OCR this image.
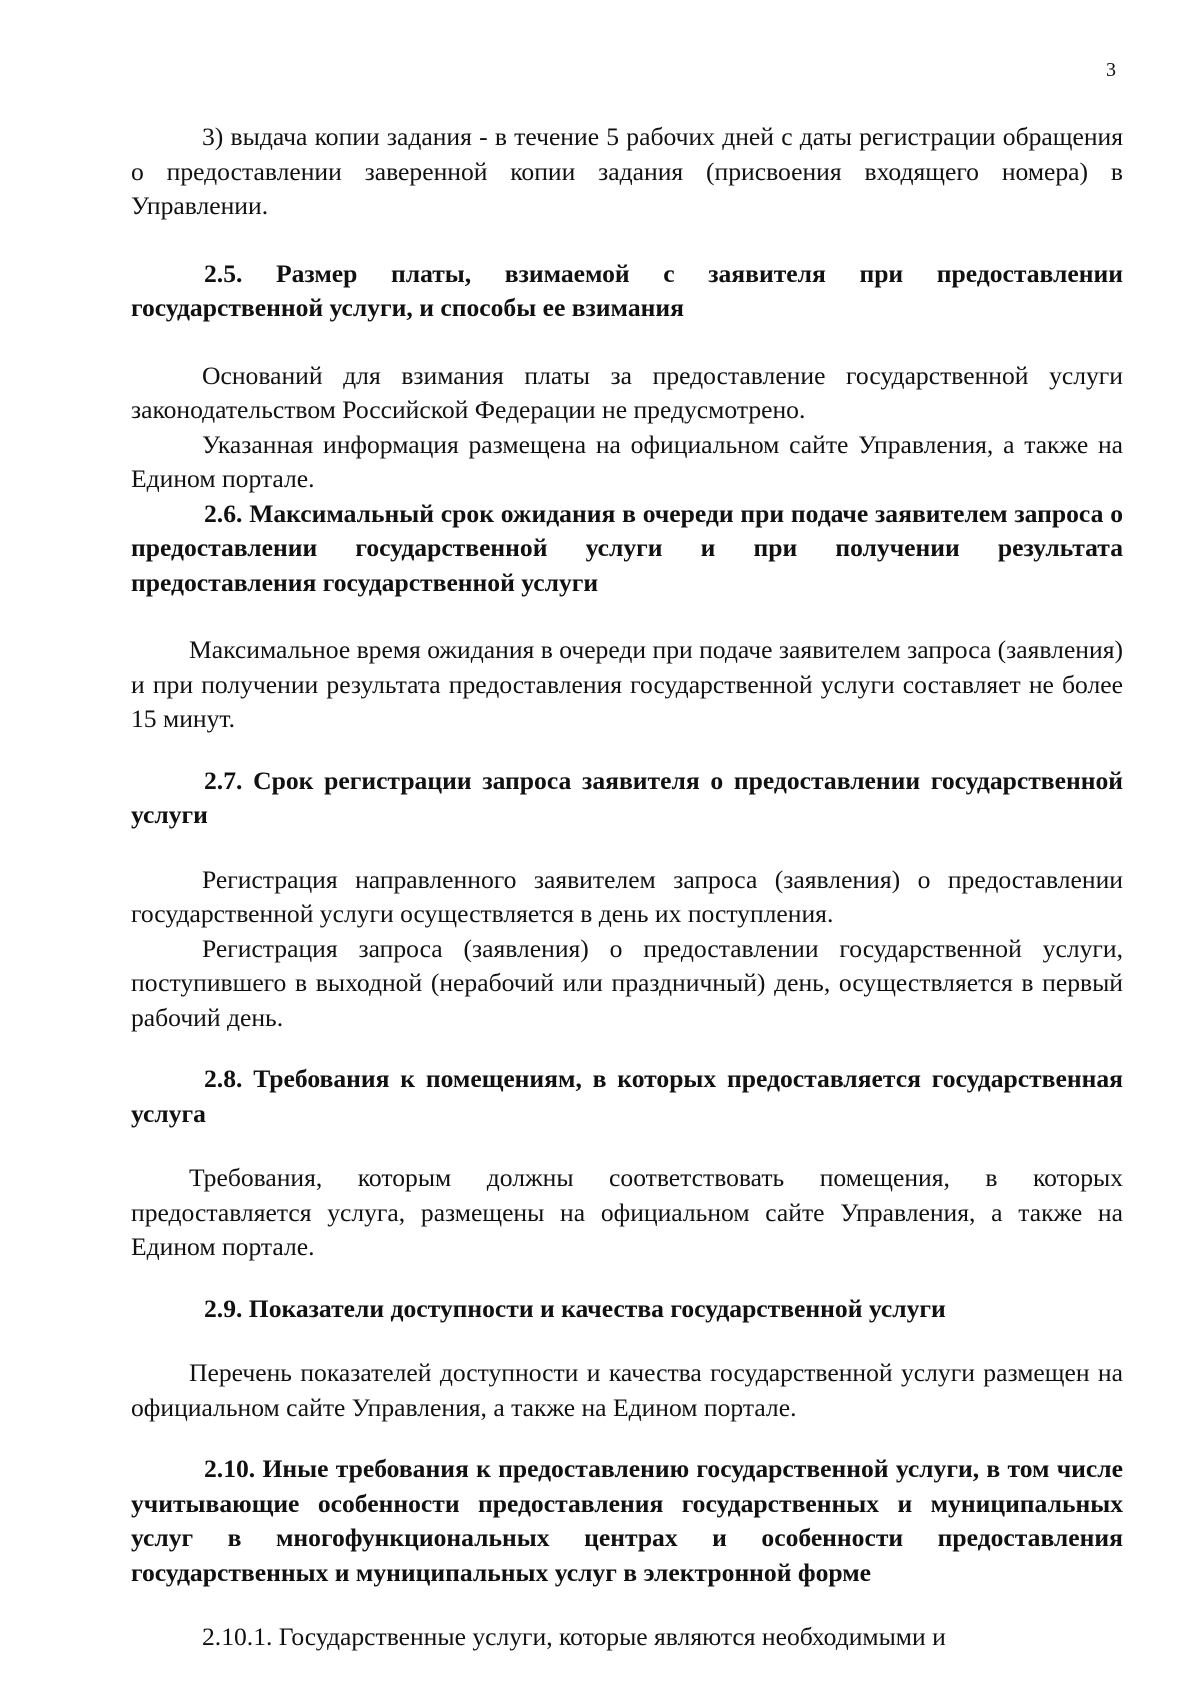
3

3) выдача копии задания - в течение 5 рабочих дней с даты регистрации обращения о предоставлении заверенной копии задания (присвоения входящего номера) в Управлении.

2.5. Размер платы, взимаемой с заявителя при предоставлении государственной услуги, и способы ее взимания

Оснований для взимания платы за предоставление государственной услуги законодательством Российской Федерации не предусмотрено.

Указанная информация размещена на официальном сайте Управления, а также на Едином портале.

2.6. Максимальный срок ожидания в очереди при подаче заявителем запроса о предоставлении государственной услуги и при получении результата предоставления государственной услуги

Максимальное время ожидания в очереди при подаче заявителем запроса (заявления) и при получении результата предоставления государственной услуги составляет не более 15 минут.

2.7. Срок регистрации запроса заявителя о предоставлении государственной услуги

Регистрация направленного заявителем запроса (заявления) о предоставлении государственной услуги осуществляется в день их поступления.

Регистрация запроса (заявления) о предоставлении государственной услуги, поступившего в выходной (нерабочий или праздничный) день, осуществляется в первый рабочий день.

2.8. Требования к помещениям, в которых предоставляется государственная услуга

Требования, которым должны соответствовать помещения, в которых предоставляется услуга, размещены на официальном сайте Управления, а также на Едином портале.

2.9. Показатели доступности и качества государственной услуги

Перечень показателей доступности и качества государственной услуги размещен на официальном сайте Управления, а также на Едином портале.

2.10. Иные требования к предоставлению государственной услуги, в том числе учитывающие особенности предоставления государственных и муниципальных услуг в многофункциональных центрах и особенности предоставления государственных и муниципальных услуг в электронной форме

2.10.1. Государственные услуги, которые являются необходимыми и
